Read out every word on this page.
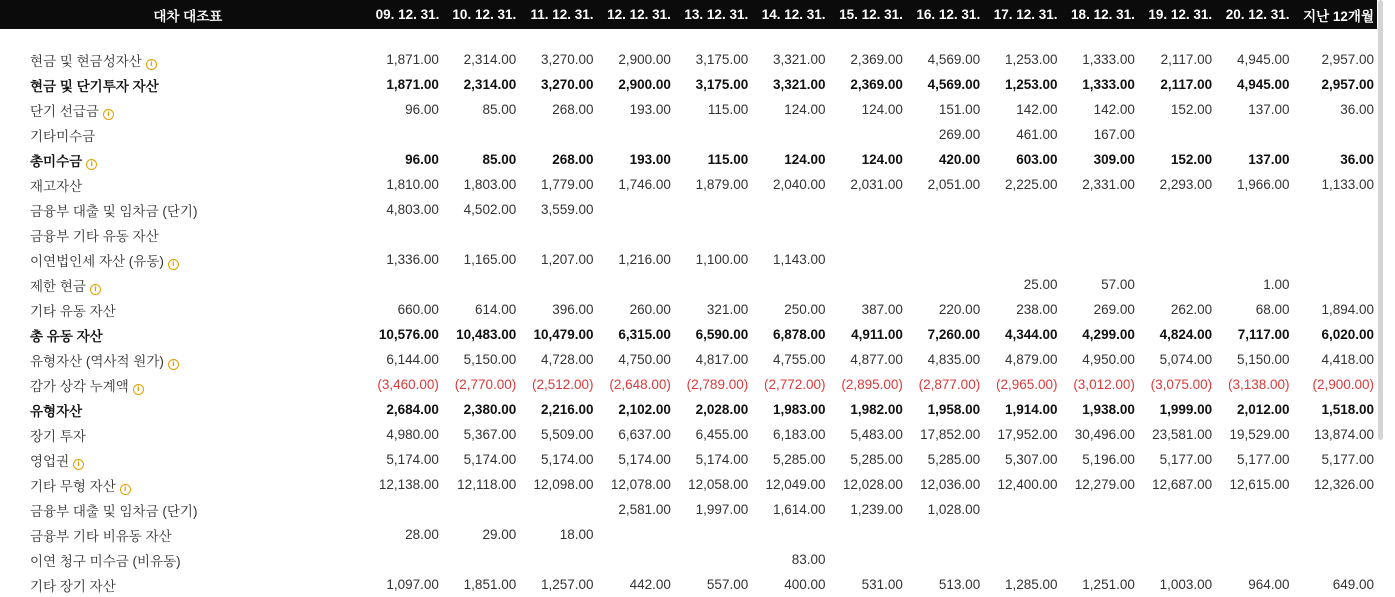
대차 대조표	09. 12. 31.	10. 12. 31.	11. 12. 31.	12. 12. 31.	13. 12. 31.	14. 12. 31.	15. 12. 31.	16. 12. 31.	17. 12. 31.	18. 12. 31.	19. 12. 31.	20. 12. 31.	지난 12개월

현금 및 현금성자산 i	1,871.00	2,314.00	3,270.00	2,900.00	3,175.00	3,321.00	2,369.00	4,569.00	1,253.00	1,333.00	2,117.00	4,945.00	2,957.00
현금 및 단기투자 자산	1,871.00	2,314.00	3,270.00	2,900.00	3,175.00	3,321.00	2,369.00	4,569.00	1,253.00	1,333.00	2,117.00	4,945.00	2,957.00
단기 선급금 i	96.00	85.00	268.00	193.00	115.00	124.00	124.00	151.00	142.00	142.00	152.00	137.00	36.00
기타미수금								269.00	461.00	167.00			
총미수금 i	96.00	85.00	268.00	193.00	115.00	124.00	124.00	420.00	603.00	309.00	152.00	137.00	36.00
재고자산	1,810.00	1,803.00	1,779.00	1,746.00	1,879.00	2,040.00	2,031.00	2,051.00	2,225.00	2,331.00	2,293.00	1,966.00	1,133.00
금융부 대출 및 임차금 (단기)	4,803.00	4,502.00	3,559.00										
금융부 기타 유동 자산													
이연법인세 자산 (유동) i	1,336.00	1,165.00	1,207.00	1,216.00	1,100.00	1,143.00							
제한 현금 i									25.00	57.00		1.00	
기타 유동 자산	660.00	614.00	396.00	260.00	321.00	250.00	387.00	220.00	238.00	269.00	262.00	68.00	1,894.00
총 유동 자산	10,576.00	10,483.00	10,479.00	6,315.00	6,590.00	6,878.00	4,911.00	7,260.00	4,344.00	4,299.00	4,824.00	7,117.00	6,020.00
유형자산 (역사적 원가) i	6,144.00	5,150.00	4,728.00	4,750.00	4,817.00	4,755.00	4,877.00	4,835.00	4,879.00	4,950.00	5,074.00	5,150.00	4,418.00
감가 상각 누계액 i	(3,460.00)	(2,770.00)	(2,512.00)	(2,648.00)	(2,789.00)	(2,772.00)	(2,895.00)	(2,877.00)	(2,965.00)	(3,012.00)	(3,075.00)	(3,138.00)	(2,900.00)
유형자산	2,684.00	2,380.00	2,216.00	2,102.00	2,028.00	1,983.00	1,982.00	1,958.00	1,914.00	1,938.00	1,999.00	2,012.00	1,518.00
장기 투자	4,980.00	5,367.00	5,509.00	6,637.00	6,455.00	6,183.00	5,483.00	17,852.00	17,952.00	30,496.00	23,581.00	19,529.00	13,874.00
영업권 i	5,174.00	5,174.00	5,174.00	5,174.00	5,174.00	5,285.00	5,285.00	5,285.00	5,307.00	5,196.00	5,177.00	5,177.00	5,177.00
기타 무형 자산 i	12,138.00	12,118.00	12,098.00	12,078.00	12,058.00	12,049.00	12,028.00	12,036.00	12,400.00	12,279.00	12,687.00	12,615.00	12,326.00
금융부 대출 및 임차금 (단기)				2,581.00	1,997.00	1,614.00	1,239.00	1,028.00					
금융부 기타 비유동 자산	28.00	29.00	18.00										
이연 청구 미수금 (비유동)						83.00							
기타 장기 자산	1,097.00	1,851.00	1,257.00	442.00	557.00	400.00	531.00	513.00	1,285.00	1,251.00	1,003.00	964.00	649.00
